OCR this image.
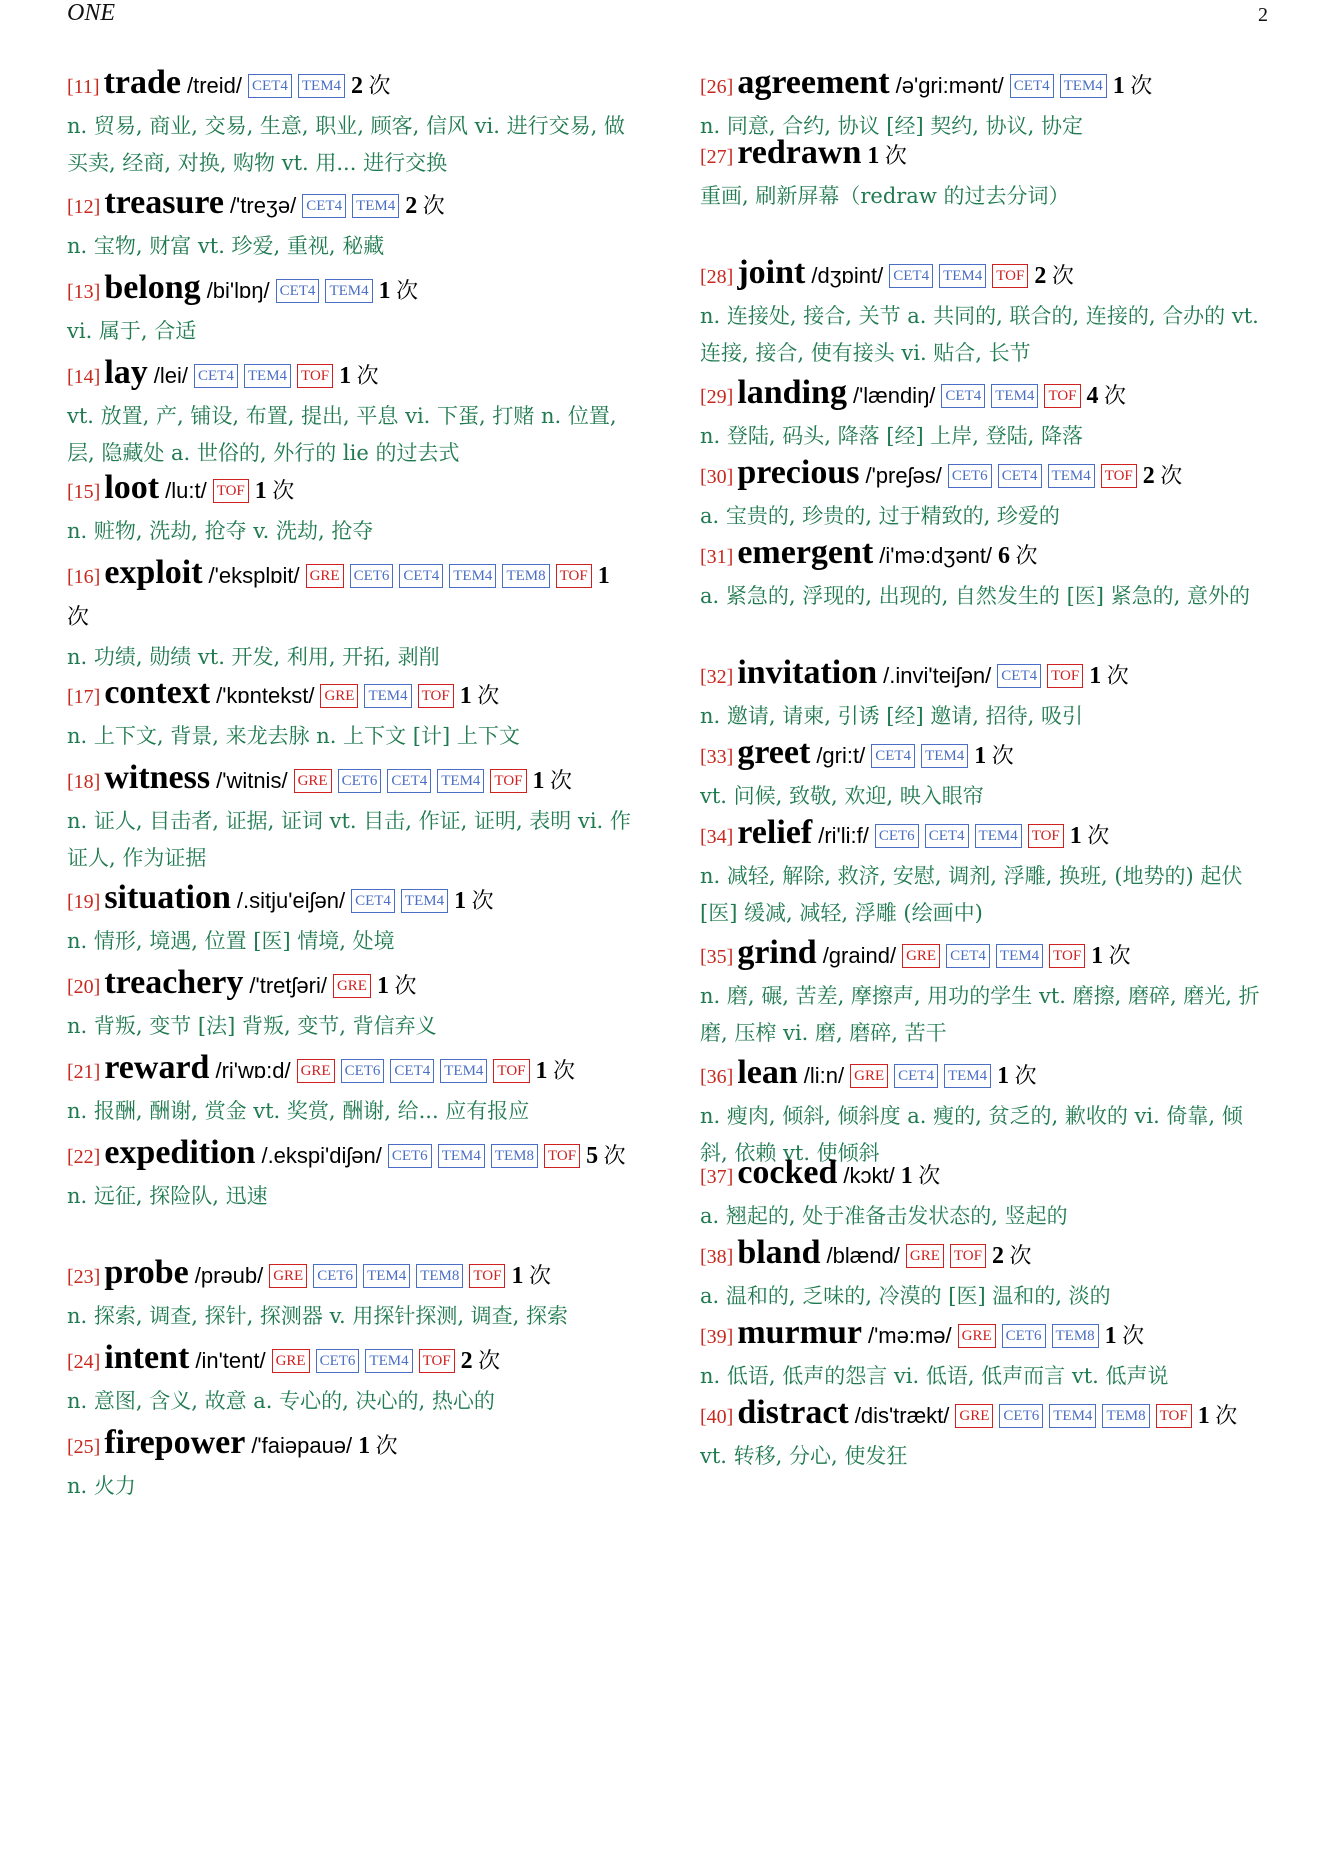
ONE	2
[11] trade /treid/ CET4 TEM4 2 次
n. 贸易, 商业, 交易, 生意, 职业, 顾客, 信风 vi. 进行交易, 做买卖, 经商, 对换, 购物 vt. 用... 进行交换
[12] treasure /'treʒə/ CET4 TEM4 2 次
n. 宝物, 财富 vt. 珍爱, 重视, 秘藏
[13] belong /bi'lɒŋ/ CET4 TEM4 1 次
vi. 属于, 合适
[14] lay /lei/ CET4 TEM4 TOF 1 次
vt. 放置, 产, 铺设, 布置, 提出, 平息 vi. 下蛋, 打赌 n. 位置, 层, 隐藏处 a. 世俗的, 外行的 lie 的过去式
[15] loot /lu:t/ TOF 1 次
n. 赃物, 洗劫, 抢夺 v. 洗劫, 抢夺
[16] exploit /'eksplɒit/ GRE CET6 CET4 TEM4 TEM8 TOF 1 次
n. 功绩, 勋绩 vt. 开发, 利用, 开拓, 剥削
[17] context /'kɒntekst/ GRE TEM4 TOF 1 次
n. 上下文, 背景, 来龙去脉 n. 上下文 [计] 上下文
[18] witness /'witnis/ GRE CET6 CET4 TEM4 TOF 1 次
n. 证人, 目击者, 证据, 证词 vt. 目击, 作证, 证明, 表明 vi. 作证人, 作为证据
[19] situation /.sitju'eiʃən/ CET4 TEM4 1 次
n. 情形, 境遇, 位置 [医] 情境, 处境
[20] treachery /'tretʃəri/ GRE 1 次
n. 背叛, 变节 [法] 背叛, 变节, 背信弃义
[21] reward /ri'wɒ:d/ GRE CET6 CET4 TEM4 TOF 1 次
n. 报酬, 酬谢, 赏金 vt. 奖赏, 酬谢, 给... 应有报应
[22] expedition /.ekspi'diʃən/ CET6 TEM4 TEM8 TOF 5 次
n. 远征, 探险队, 迅速
[23] probe /prəub/ GRE CET6 TEM4 TEM8 TOF 1 次
n. 探索, 调查, 探针, 探测器 v. 用探针探测, 调查, 探索
[24] intent /in'tent/ GRE CET6 TEM4 TOF 2 次
n. 意图, 含义, 故意 a. 专心的, 决心的, 热心的
[25] firepower /'faiəpauə/ 1 次
n. 火力
[26] agreement /ə'gri:mənt/ CET4 TEM4 1 次
n. 同意, 合约, 协议 [经] 契约, 协议, 协定
[27] redrawn 1 次
重画, 刷新屏幕（redraw 的过去分词）
[28] joint /dʒɒint/ CET4 TEM4 TOF 2 次
n. 连接处, 接合, 关节 a. 共同的, 联合的, 连接的, 合办的 vt. 连接, 接合, 使有接头 vi. 贴合, 长节
[29] landing /'lændiŋ/ CET4 TEM4 TOF 4 次
n. 登陆, 码头, 降落 [经] 上岸, 登陆, 降落
[30] precious /'preʃəs/ CET6 CET4 TEM4 TOF 2 次
a. 宝贵的, 珍贵的, 过于精致的, 珍爱的
[31] emergent /i'mə:dʒənt/ 6 次
a. 紧急的, 浮现的, 出现的, 自然发生的 [医] 紧急的, 意外的
[32] invitation /.invi'teiʃən/ CET4 TOF 1 次
n. 邀请, 请柬, 引诱 [经] 邀请, 招待, 吸引
[33] greet /gri:t/ CET4 TEM4 1 次
vt. 问候, 致敬, 欢迎, 映入眼帘
[34] relief /ri'li:f/ CET6 CET4 TEM4 TOF 1 次
n. 减轻, 解除, 救济, 安慰, 调剂, 浮雕, 换班, (地势的) 起伏 [医] 缓减, 减轻, 浮雕 (绘画中)
[35] grind /graind/ GRE CET4 TEM4 TOF 1 次
n. 磨, 碾, 苦差, 摩擦声, 用功的学生 vt. 磨擦, 磨碎, 磨光, 折磨, 压榨 vi. 磨, 磨碎, 苦干
[36] lean /li:n/ GRE CET4 TEM4 1 次
n. 瘦肉, 倾斜, 倾斜度 a. 瘦的, 贫乏的, 歉收的 vi. 倚靠, 倾斜, 依赖 vt. 使倾斜
[37] cocked /kɔkt/ 1 次
a. 翘起的, 处于准备击发状态的, 竖起的
[38] bland /blænd/ GRE TOF 2 次
a. 温和的, 乏味的, 冷漠的 [医] 温和的, 淡的
[39] murmur /'mə:mə/ GRE CET6 TEM8 1 次
n. 低语, 低声的怨言 vi. 低语, 低声而言 vt. 低声说
[40] distract /dis'trækt/ GRE CET6 TEM4 TEM8 TOF 1 次
vt. 转移, 分心, 使发狂
